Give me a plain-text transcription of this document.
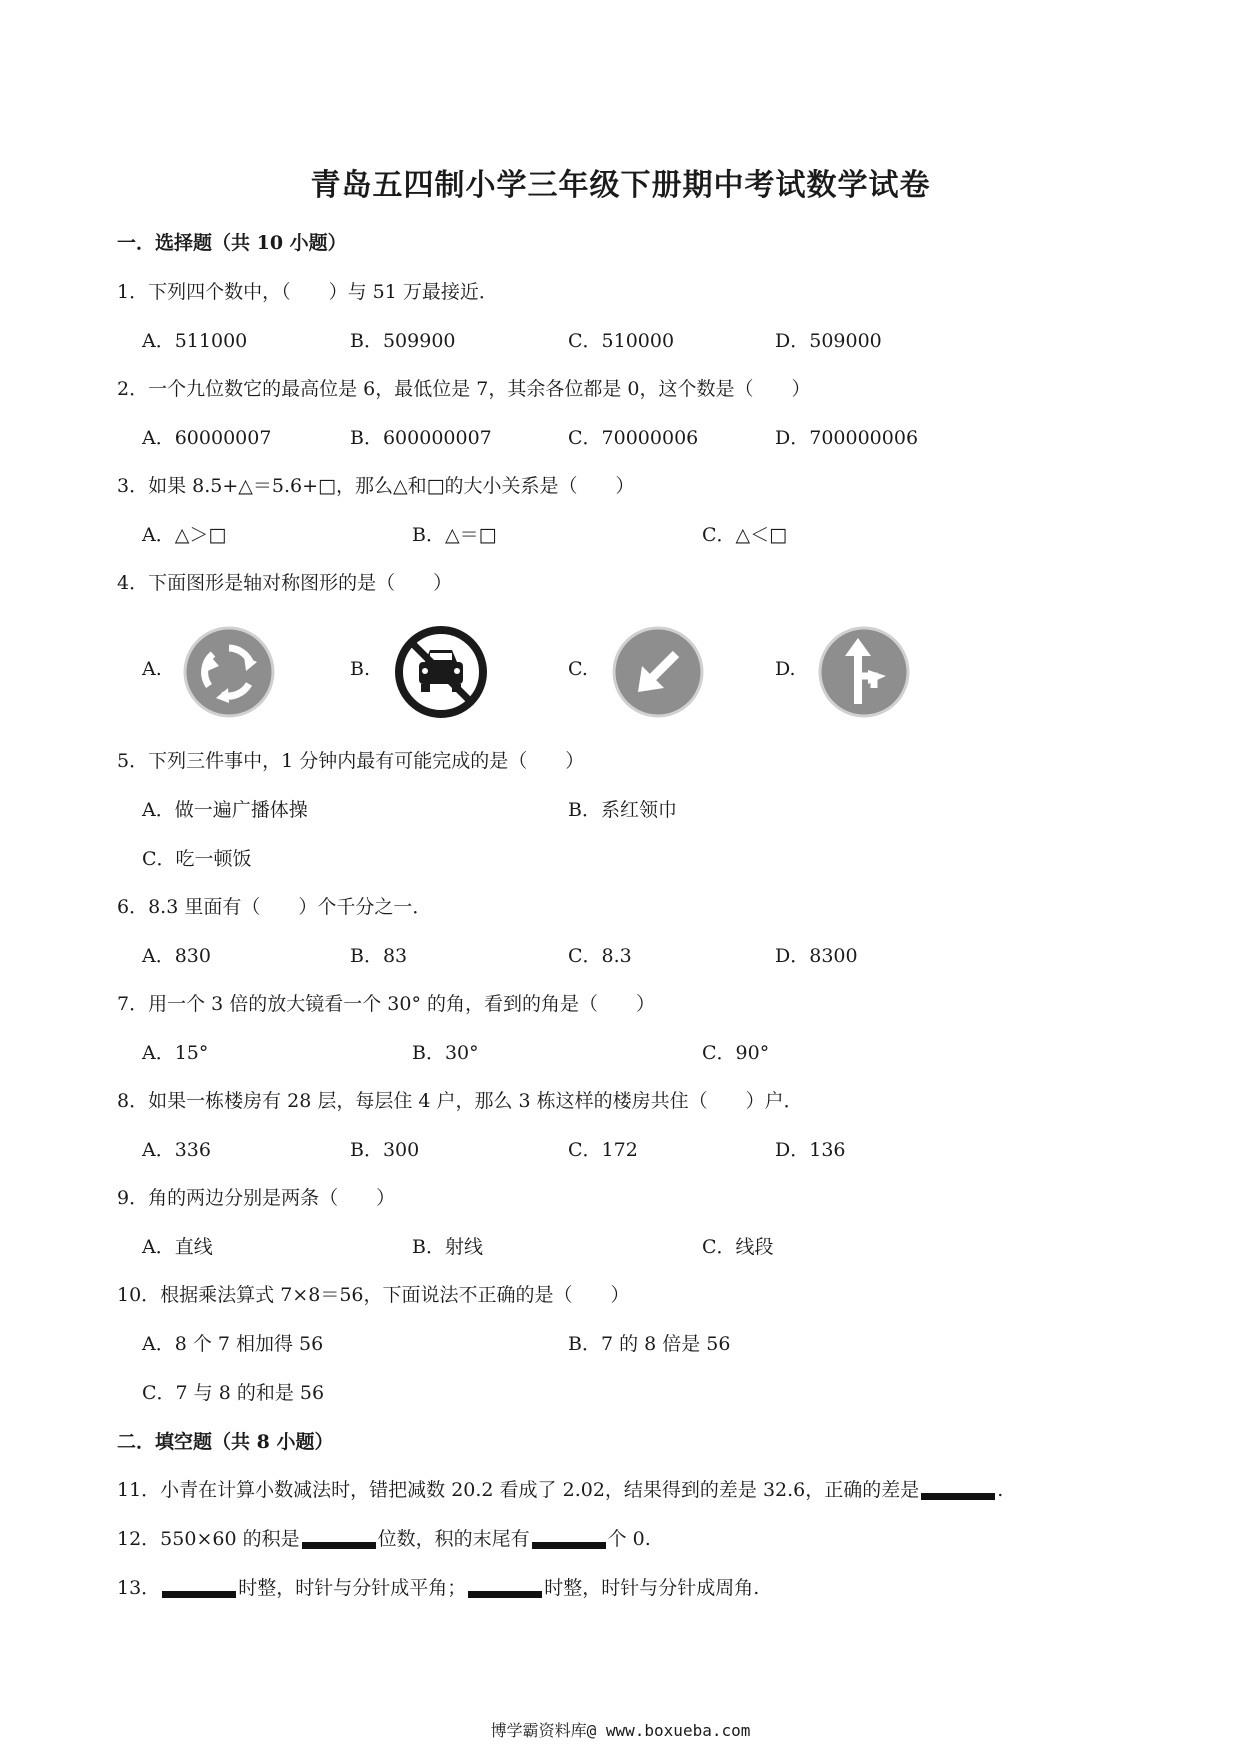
青岛五四制小学三年级下册期中考试数学试卷
一．选择题（共 10 小题）
1．下列四个数中，（　　）与 51 万最接近．
A．511000	B．509900	C．510000	D．509000
2．一个九位数它的最高位是 6，最低位是 7，其余各位都是 0，这个数是（　　）
A．60000007	B．600000007	C．70000006	D．700000006
3．如果 8.5+△＝5.6+□，那么△和□的大小关系是（　　）
A．△＞□	B．△＝□	C．△＜□
4．下面图形是轴对称图形的是（　　）
A.	B.	C.	D.
5．下列三件事中，1 分钟内最有可能完成的是（　　）
A．做一遍广播体操	B．系红领巾
C．吃一顿饭
6．8.3 里面有（　　）个千分之一．
A．830	B．83	C．8.3	D．8300
7．用一个 3 倍的放大镜看一个 30° 的角，看到的角是（　　）
A．15°	B．30°	C．90°
8．如果一栋楼房有 28 层，每层住 4 户，那么 3 栋这样的楼房共住（　　）户．
A．336	B．300	C．172	D．136
9．角的两边分别是两条（　　）
A．直线	B．射线	C．线段
10．根据乘法算式 7×8＝56，下面说法不正确的是（　　）
A．8 个 7 相加得 56	B．7 的 8 倍是 56
C．7 与 8 的和是 56
二．填空题（共 8 小题）
11．小青在计算小数减法时，错把减数 20.2 看成了 2.02，结果得到的差是 32.6，正确的差是	.
12．550×60 的积是	位数，积的末尾有	个 0.
13．	时整，时针与分针成平角；	时整，时针与分针成周角.
博学霸资料库@ www.boxueba.com
